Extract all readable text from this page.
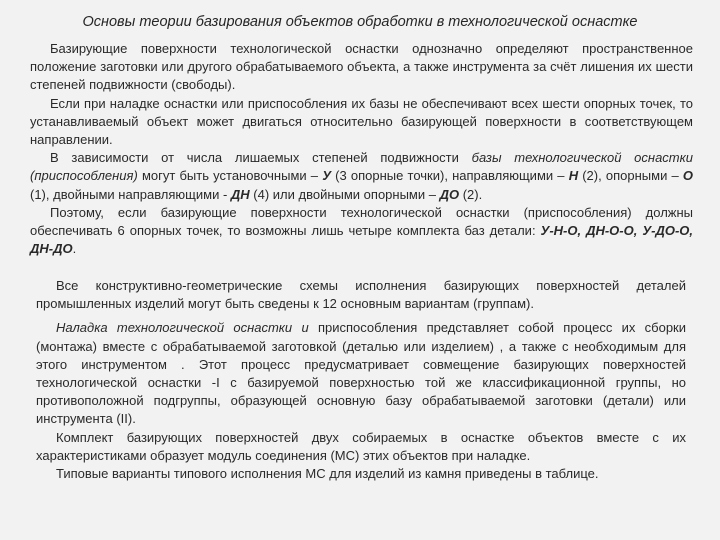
Основы теории базирования объектов обработки в технологической оснастке

Базирующие поверхности технологической оснастки однозначно определяют пространственное положение заготовки или другого обрабатываемого объекта, а также инструмента за счёт лишения их шести степеней подвижности (свободы).

Если при наладке оснастки или приспособления их базы не обеспечивают всех шести опорных точек, то устанавливаемый объект может двигаться относительно базирующей поверхности в соответствующем направлении.

В зависимости от числа лишаемых степеней подвижности базы технологической оснастки (приспособления) могут быть установочными – У (3 опорные точки), направляющими – Н (2), опорными – О (1), двойными направляющими - ДН (4) или двойными опорными – ДО (2).

Поэтому, если базирующие поверхности технологической оснастки (приспособления) должны обеспечивать 6 опорных точек, то возможны лишь четыре комплекта баз детали: У-Н-О, ДН-О-О, У-ДО-О, ДН-ДО.

Все конструктивно-геометрические схемы исполнения базирующих поверхностей деталей промышленных изделий могут быть сведены к 12 основным вариантам (группам).

Наладка технологической оснастки и приспособления представляет собой процесс их сборки (монтажа) вместе с обрабатываемой заготовкой (деталью или изделием) , а также с необходимым для этого инструментом . Этот процесс предусматривает совмещение базирующих поверхностей технологической оснастки -I с базируемой поверхностью той же классификационной группы, но противоположной подгруппы, образующей основную базу обрабатываемой заготовки (детали) или инструмента (II).

Комплект базирующих поверхностей двух собираемых в оснастке объектов вместе с их характеристиками образует модуль соединения (МС) этих объектов при наладке.

Типовые варианты типового исполнения МС для изделий из камня приведены в таблице.
